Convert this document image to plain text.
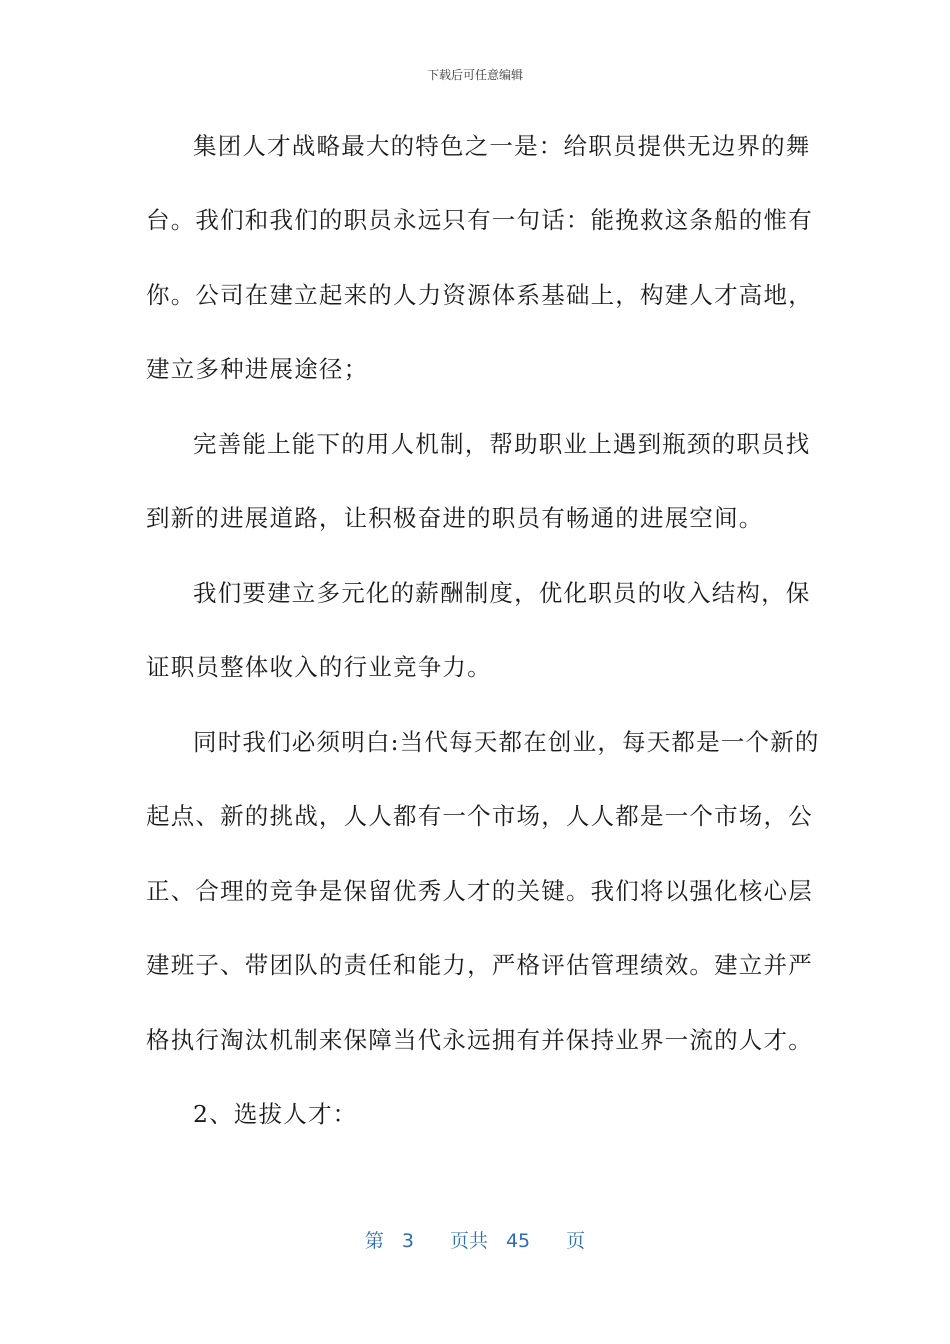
下载后可任意编辑
集团人才战略最大的特色之一是：给职员提供无边界的舞
台。我们和我们的职员永远只有一句话：能挽救这条船的惟有
你。公司在建立起来的人力资源体系基础上，构建人才高地，
建立多种进展途径；
完善能上能下的用人机制，帮助职业上遇到瓶颈的职员找
到新的进展道路，让积极奋进的职员有畅通的进展空间。
我们要建立多元化的薪酬制度，优化职员的收入结构，保
证职员整体收入的行业竞争力。
同时我们必须明白:当代每天都在创业，每天都是一个新的
起点、新的挑战，人人都有一个市场，人人都是一个市场，公
正、合理的竞争是保留优秀人才的关键。我们将以强化核心层
建班子、带团队的责任和能力，严格评估管理绩效。建立并严
格执行淘汰机制来保障当代永远拥有并保持业界一流的人才。
2、选拔人才：
第 3 页共 45 页
